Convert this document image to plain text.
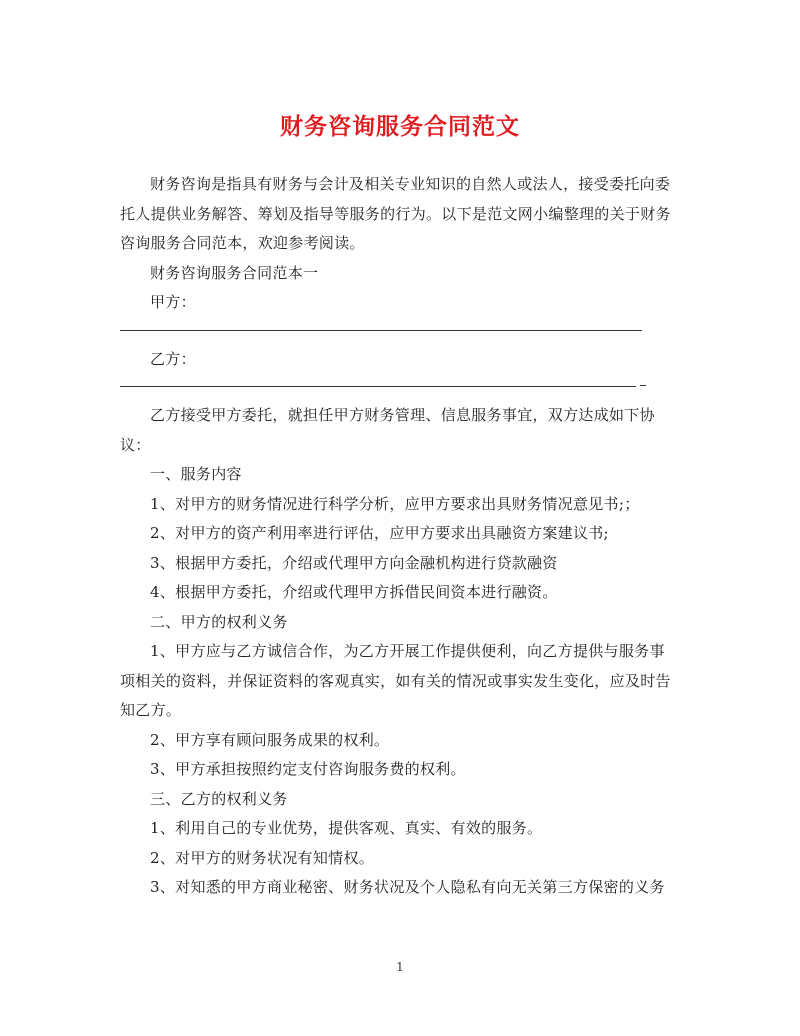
财务咨询服务合同范文

财务咨询是指具有财务与会计及相关专业知识的自然人或法人，接受委托向委托人提供业务解答、筹划及指导等服务的行为。以下是范文网小编整理的关于财务咨询服务合同范本，欢迎参考阅读。

财务咨询服务合同范本一

甲方：

乙方：

乙方接受甲方委托，就担任甲方财务管理、信息服务事宜，双方达成如下协议：

一、服务内容

1、对甲方的财务情况进行科学分析，应甲方要求出具财务情况意见书;；

2、对甲方的资产利用率进行评估，应甲方要求出具融资方案建议书;

3、根据甲方委托，介绍或代理甲方向金融机构进行贷款融资

4、根据甲方委托，介绍或代理甲方拆借民间资本进行融资。

二、甲方的权利义务

1、甲方应与乙方诚信合作，为乙方开展工作提供便利，向乙方提供与服务事项相关的资料，并保证资料的客观真实，如有关的情况或事实发生变化，应及时告知乙方。

2、甲方享有顾问服务成果的权利。

3、甲方承担按照约定支付咨询服务费的权利。

三、乙方的权利义务

1、利用自己的专业优势，提供客观、真实、有效的服务。

2、对甲方的财务状况有知情权。

3、对知悉的甲方商业秘密、财务状况及个人隐私有向无关第三方保密的义务

1
